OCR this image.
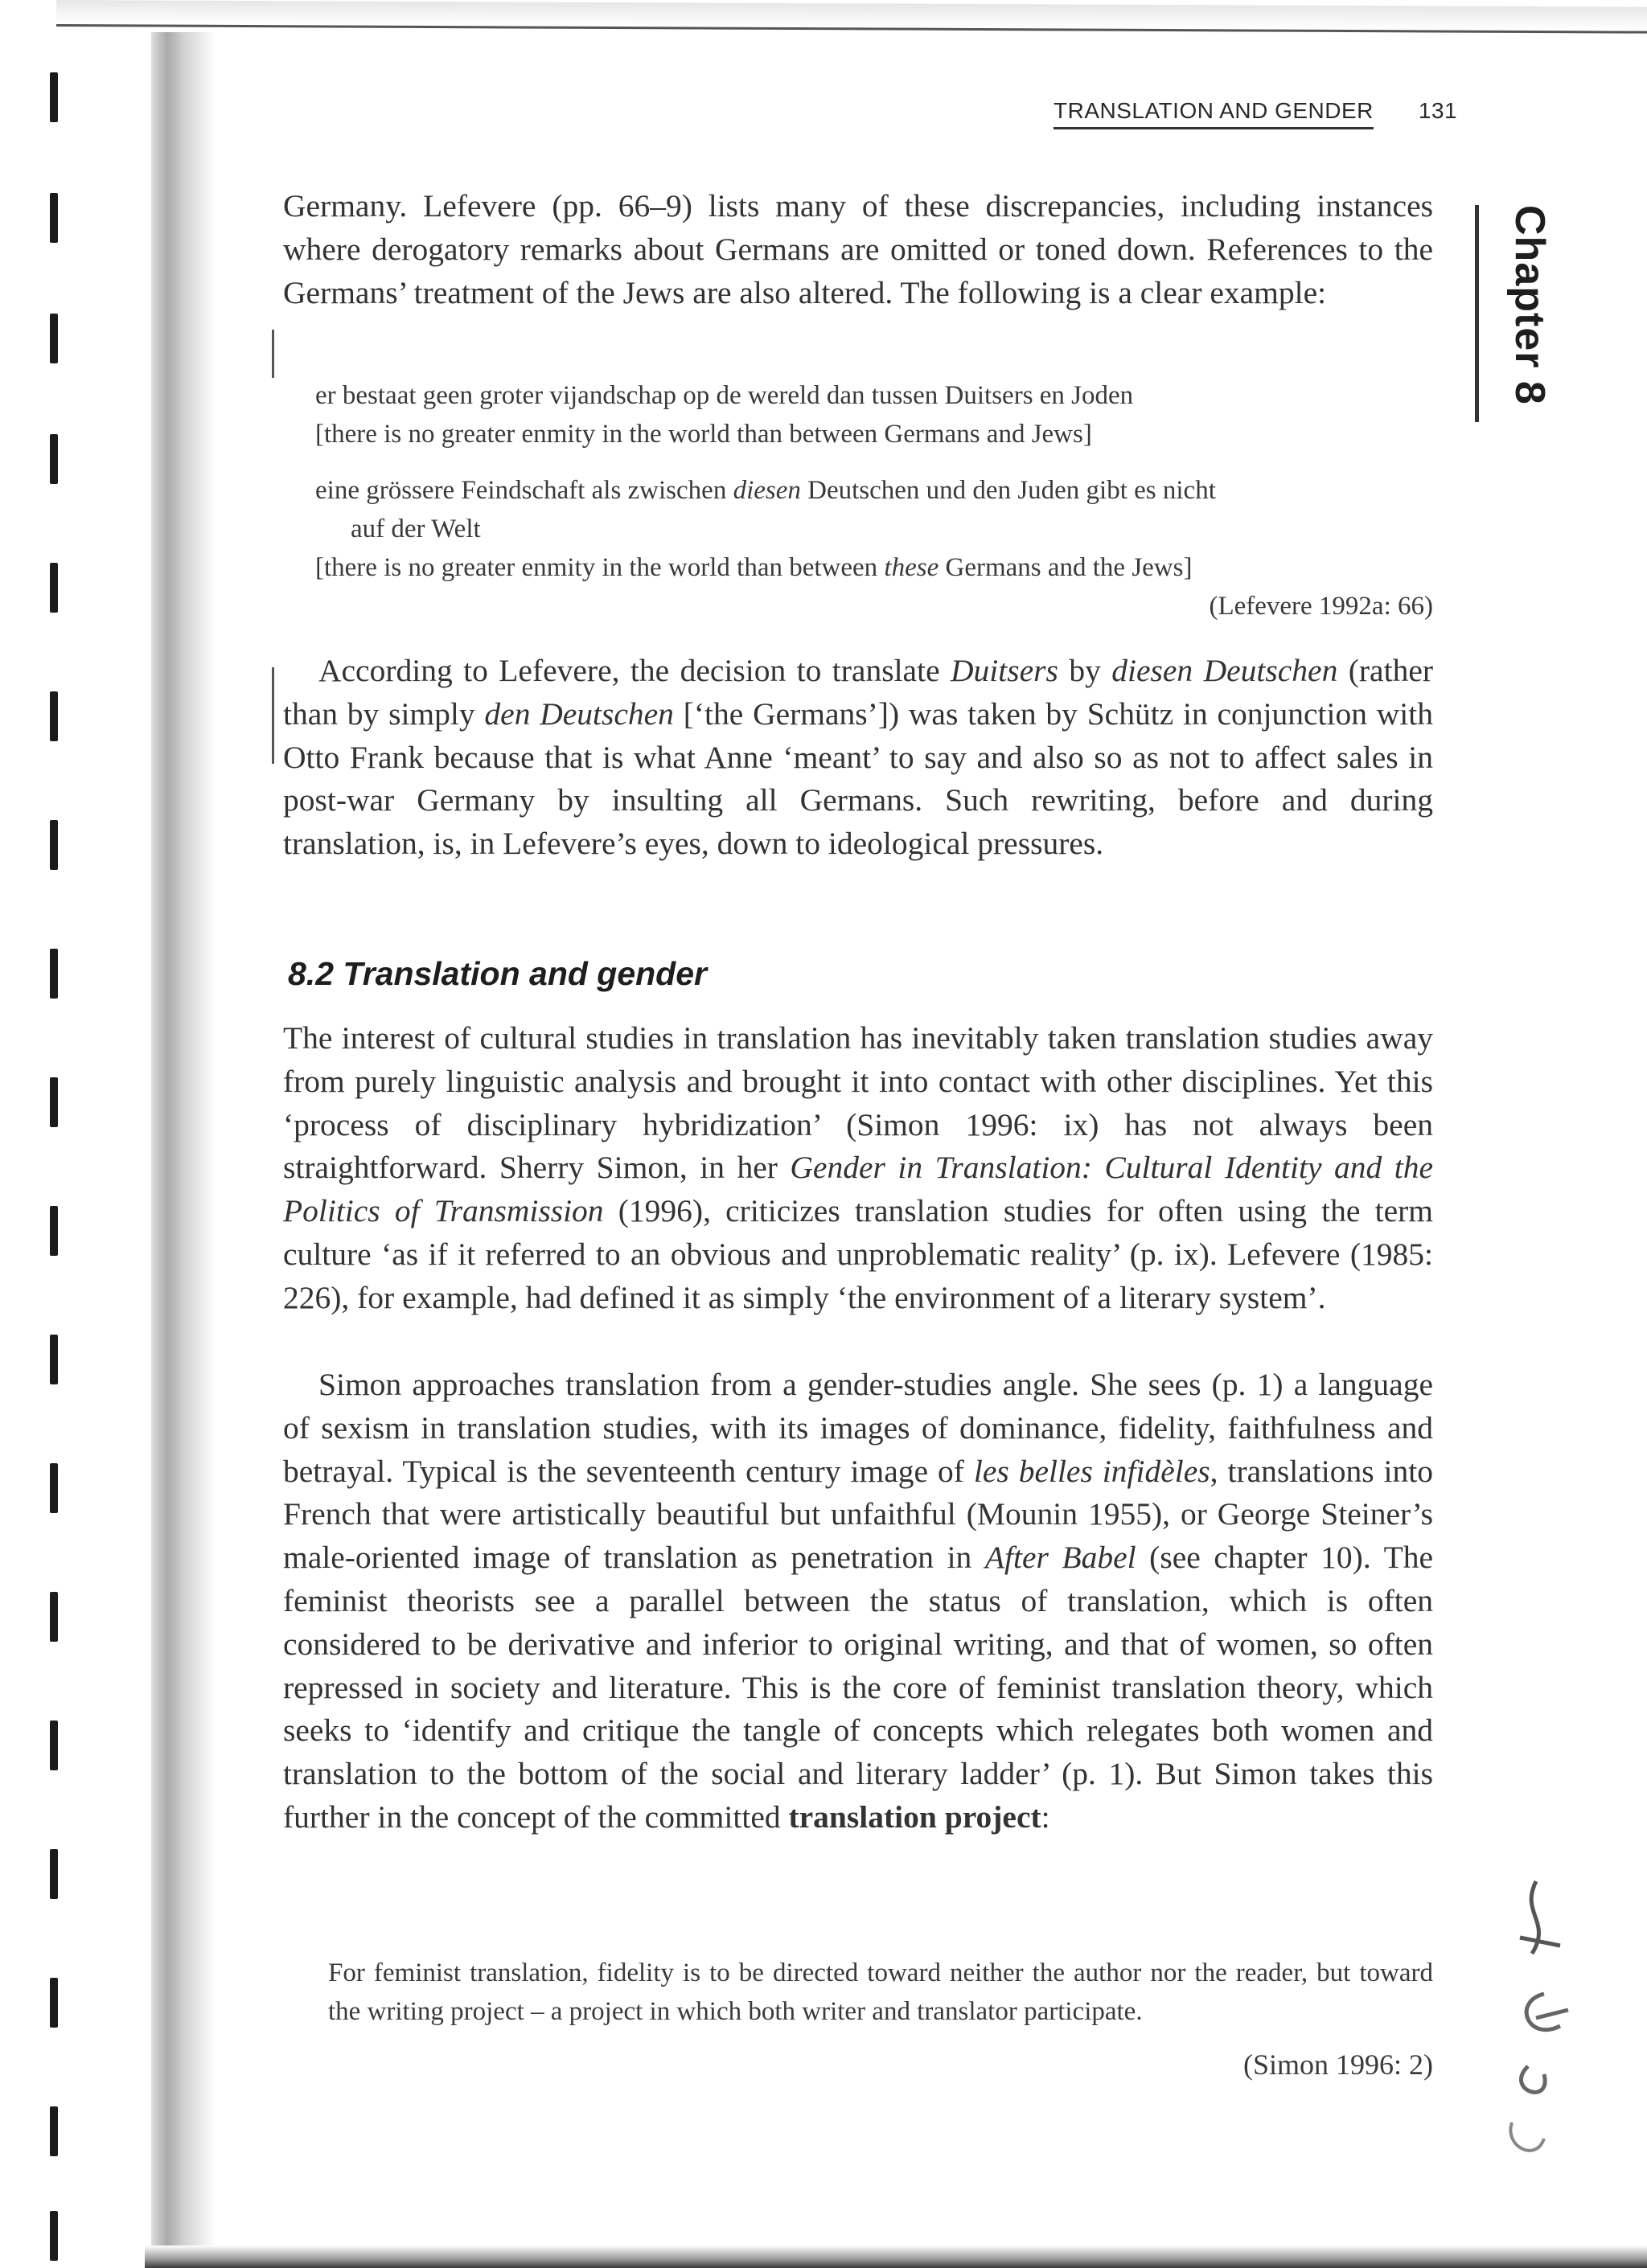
TRANSLATION AND GENDER 131
Chapter 8

Germany. Lefevere (pp. 66–9) lists many of these discrepancies, including instances where derogatory remarks about Germans are omitted or toned down. References to the Germans’ treatment of the Jews are also altered. The following is a clear example:

er bestaat geen groter vijandschap op de wereld dan tussen Duitsers en Joden

[there is no greater enmity in the world than between Germans and Jews]

eine grössere Feindschaft als zwischen diesen Deutschen und den Juden gibt es nicht

auf der Welt

[there is no greater enmity in the world than between these Germans and the Jews]

(Lefevere 1992a: 66)

According to Lefevere, the decision to translate Duitsers by diesen Deutschen (rather than by simply den Deutschen [‘the Germans’]) was taken by Schütz in conjunction with Otto Frank because that is what Anne ‘meant’ to say and also so as not to affect sales in post-war Germany by insulting all Germans. Such rewriting, before and during translation, is, in Lefevere’s eyes, down to ideological pressures.

8.2 Translation and gender

The interest of cultural studies in translation has inevitably taken translation studies away from purely linguistic analysis and brought it into contact with other disciplines. Yet this ‘process of disciplinary hybridization’ (Simon 1996: ix) has not always been straightforward. Sherry Simon, in her Gender in Translation: Cultural Identity and the Politics of Transmission (1996), criticizes translation studies for often using the term culture ‘as if it referred to an obvious and unproblematic reality’ (p. ix). Lefevere (1985: 226), for example, had defined it as simply ‘the environment of a literary system’.

Simon approaches translation from a gender-studies angle. She sees (p. 1) a language of sexism in translation studies, with its images of dominance, fidelity, faithfulness and betrayal. Typical is the seventeenth century image of les belles infidèles, translations into French that were artistically beautiful but unfaithful (Mounin 1955), or George Steiner’s male-oriented image of translation as penetration in After Babel (see chapter 10). The feminist theorists see a parallel between the status of translation, which is often considered to be derivative and inferior to original writing, and that of women, so often repressed in society and literature. This is the core of feminist translation theory, which seeks to ‘identify and critique the tangle of concepts which relegates both women and translation to the bottom of the social and literary ladder’ (p. 1). But Simon takes this further in the concept of the committed translation project:

For feminist translation, fidelity is to be directed toward neither the author nor the reader, but toward the writing project – a project in which both writer and translator participate.

(Simon 1996: 2)
